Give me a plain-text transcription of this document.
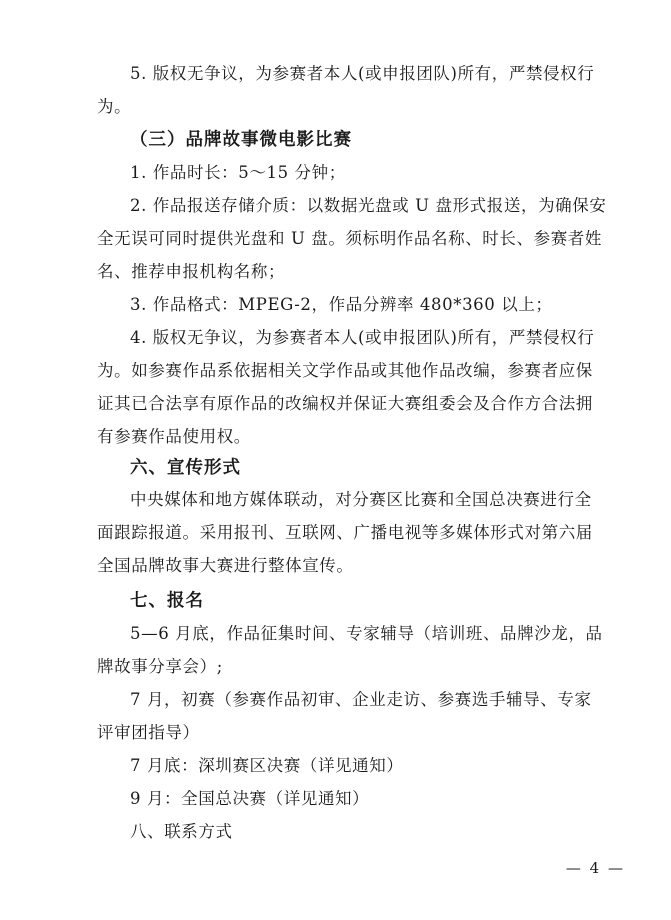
5. 版权无争议，为参赛者本人(或申报团队)所有，严禁侵权行
为。
（三）品牌故事微电影比赛
1. 作品时长：5～15 分钟；
2. 作品报送存储介质：以数据光盘或 U 盘形式报送，为确保安
全无误可同时提供光盘和 U 盘。须标明作品名称、时长、参赛者姓
名、推荐申报机构名称；
3. 作品格式：MPEG-2，作品分辨率 480*360 以上；
4. 版权无争议，为参赛者本人(或申报团队)所有，严禁侵权行
为。如参赛作品系依据相关文学作品或其他作品改编，参赛者应保
证其已合法享有原作品的改编权并保证大赛组委会及合作方合法拥
有参赛作品使用权。
六、宣传形式
中央媒体和地方媒体联动，对分赛区比赛和全国总决赛进行全
面跟踪报道。采用报刊、互联网、广播电视等多媒体形式对第六届
全国品牌故事大赛进行整体宣传。
七、报名
5—6 月底，作品征集时间、专家辅导（培训班、品牌沙龙，品
牌故事分享会）;
7 月，初赛（参赛作品初审、企业走访、参赛选手辅导、专家
评审团指导）
7 月底：深圳赛区决赛（详见通知）
9 月：全国总决赛（详见通知）
八、联系方式
— 4 —
